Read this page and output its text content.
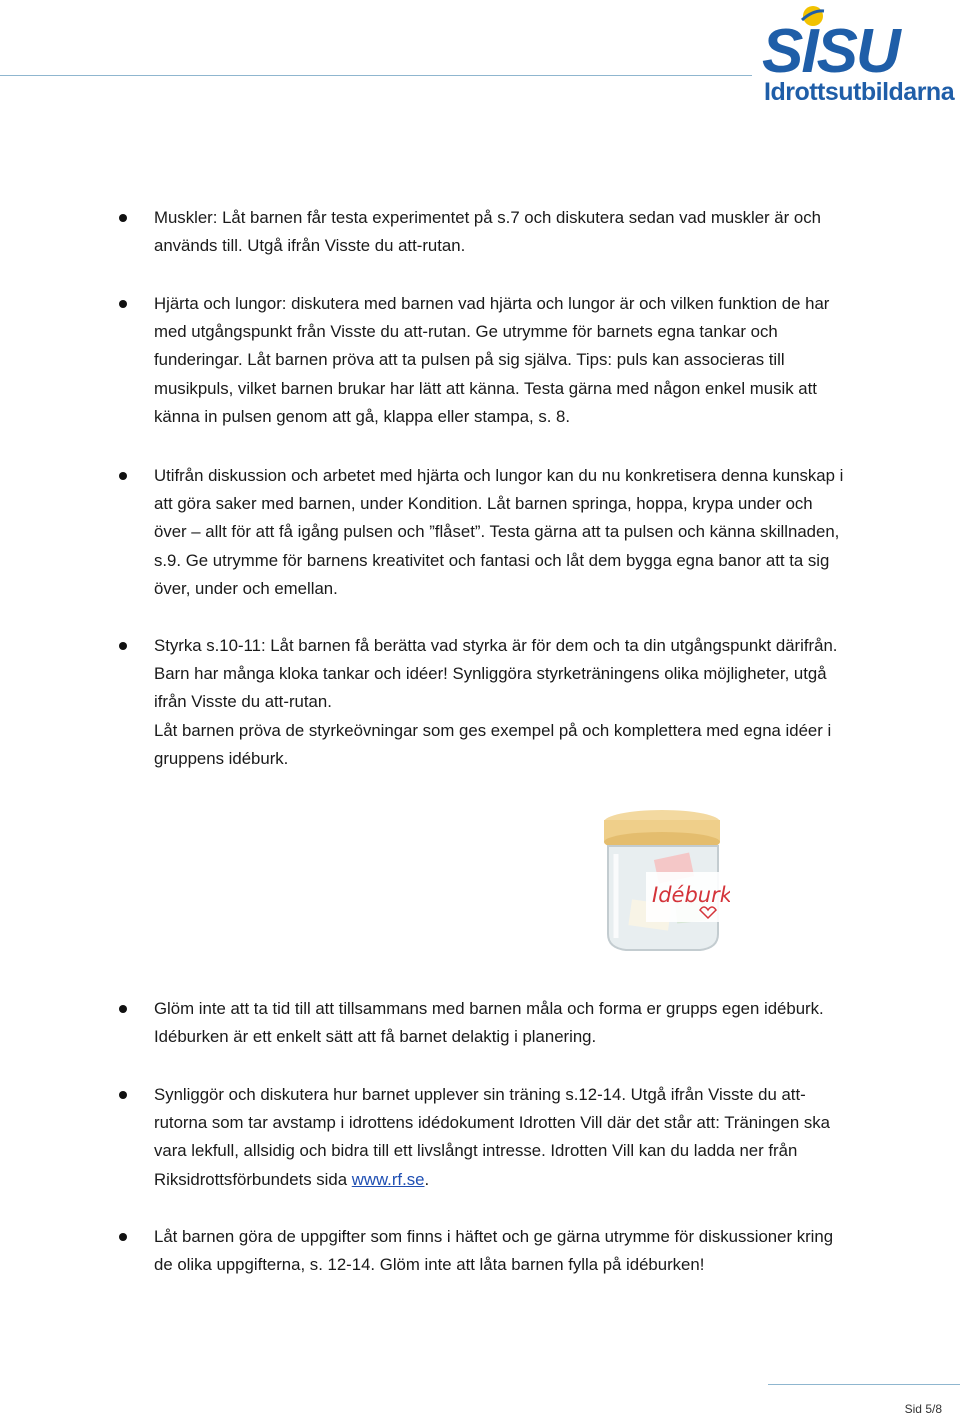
SISU
Idrottsutbildarna

Muskler: Låt barnen får testa experimentet på s.7 och diskutera sedan vad muskler är och används till. Utgå ifrån Visste du att-rutan.

Hjärta och lungor: diskutera med barnen vad hjärta och lungor är och vilken funktion de har med utgångspunkt från Visste du att-rutan. Ge utrymme för barnets egna tankar och funderingar. Låt barnen pröva att ta pulsen på sig själva. Tips: puls kan associeras till musikpuls, vilket barnen brukar har lätt att känna. Testa gärna med någon enkel musik att känna in pulsen genom att gå, klappa eller stampa, s. 8.

Utifrån diskussion och arbetet med hjärta och lungor kan du nu konkretisera denna kunskap i att göra saker med barnen, under Kondition. Låt barnen springa, hoppa, krypa under och över – allt för att få igång pulsen och ”flåset”. Testa gärna att ta pulsen och känna skillnaden, s.9. Ge utrymme för barnens kreativitet och fantasi och låt dem bygga egna banor att ta sig över, under och emellan.

Styrka s.10-11: Låt barnen få berätta vad styrka är för dem och ta din utgångspunkt därifrån. Barn har många kloka tankar och idéer! Synliggöra styrketräningens olika möjligheter, utgå ifrån Visste du att-rutan.

Låt barnen pröva de styrkeövningar som ges exempel på och komplettera med egna idéer i gruppens idéburk.

Idéburk

Glöm inte att ta tid till att tillsammans med barnen måla och forma er grupps egen idéburk. Idéburken är ett enkelt sätt att få barnet delaktig i planering.

Synliggör och diskutera hur barnet upplever sin träning s.12-14. Utgå ifrån Visste du att-rutorna som tar avstamp i idrottens idédokument Idrotten Vill där det står att: Träningen ska vara lekfull, allsidig och bidra till ett livslångt intresse. Idrotten Vill kan du ladda ner från Riksidrottsförbundets sida www.rf.se.

Låt barnen göra de uppgifter som finns i häftet och ge gärna utrymme för diskussioner kring de olika uppgifterna, s. 12-14. Glöm inte att låta barnen fylla på idéburken!

Sid 5/8
